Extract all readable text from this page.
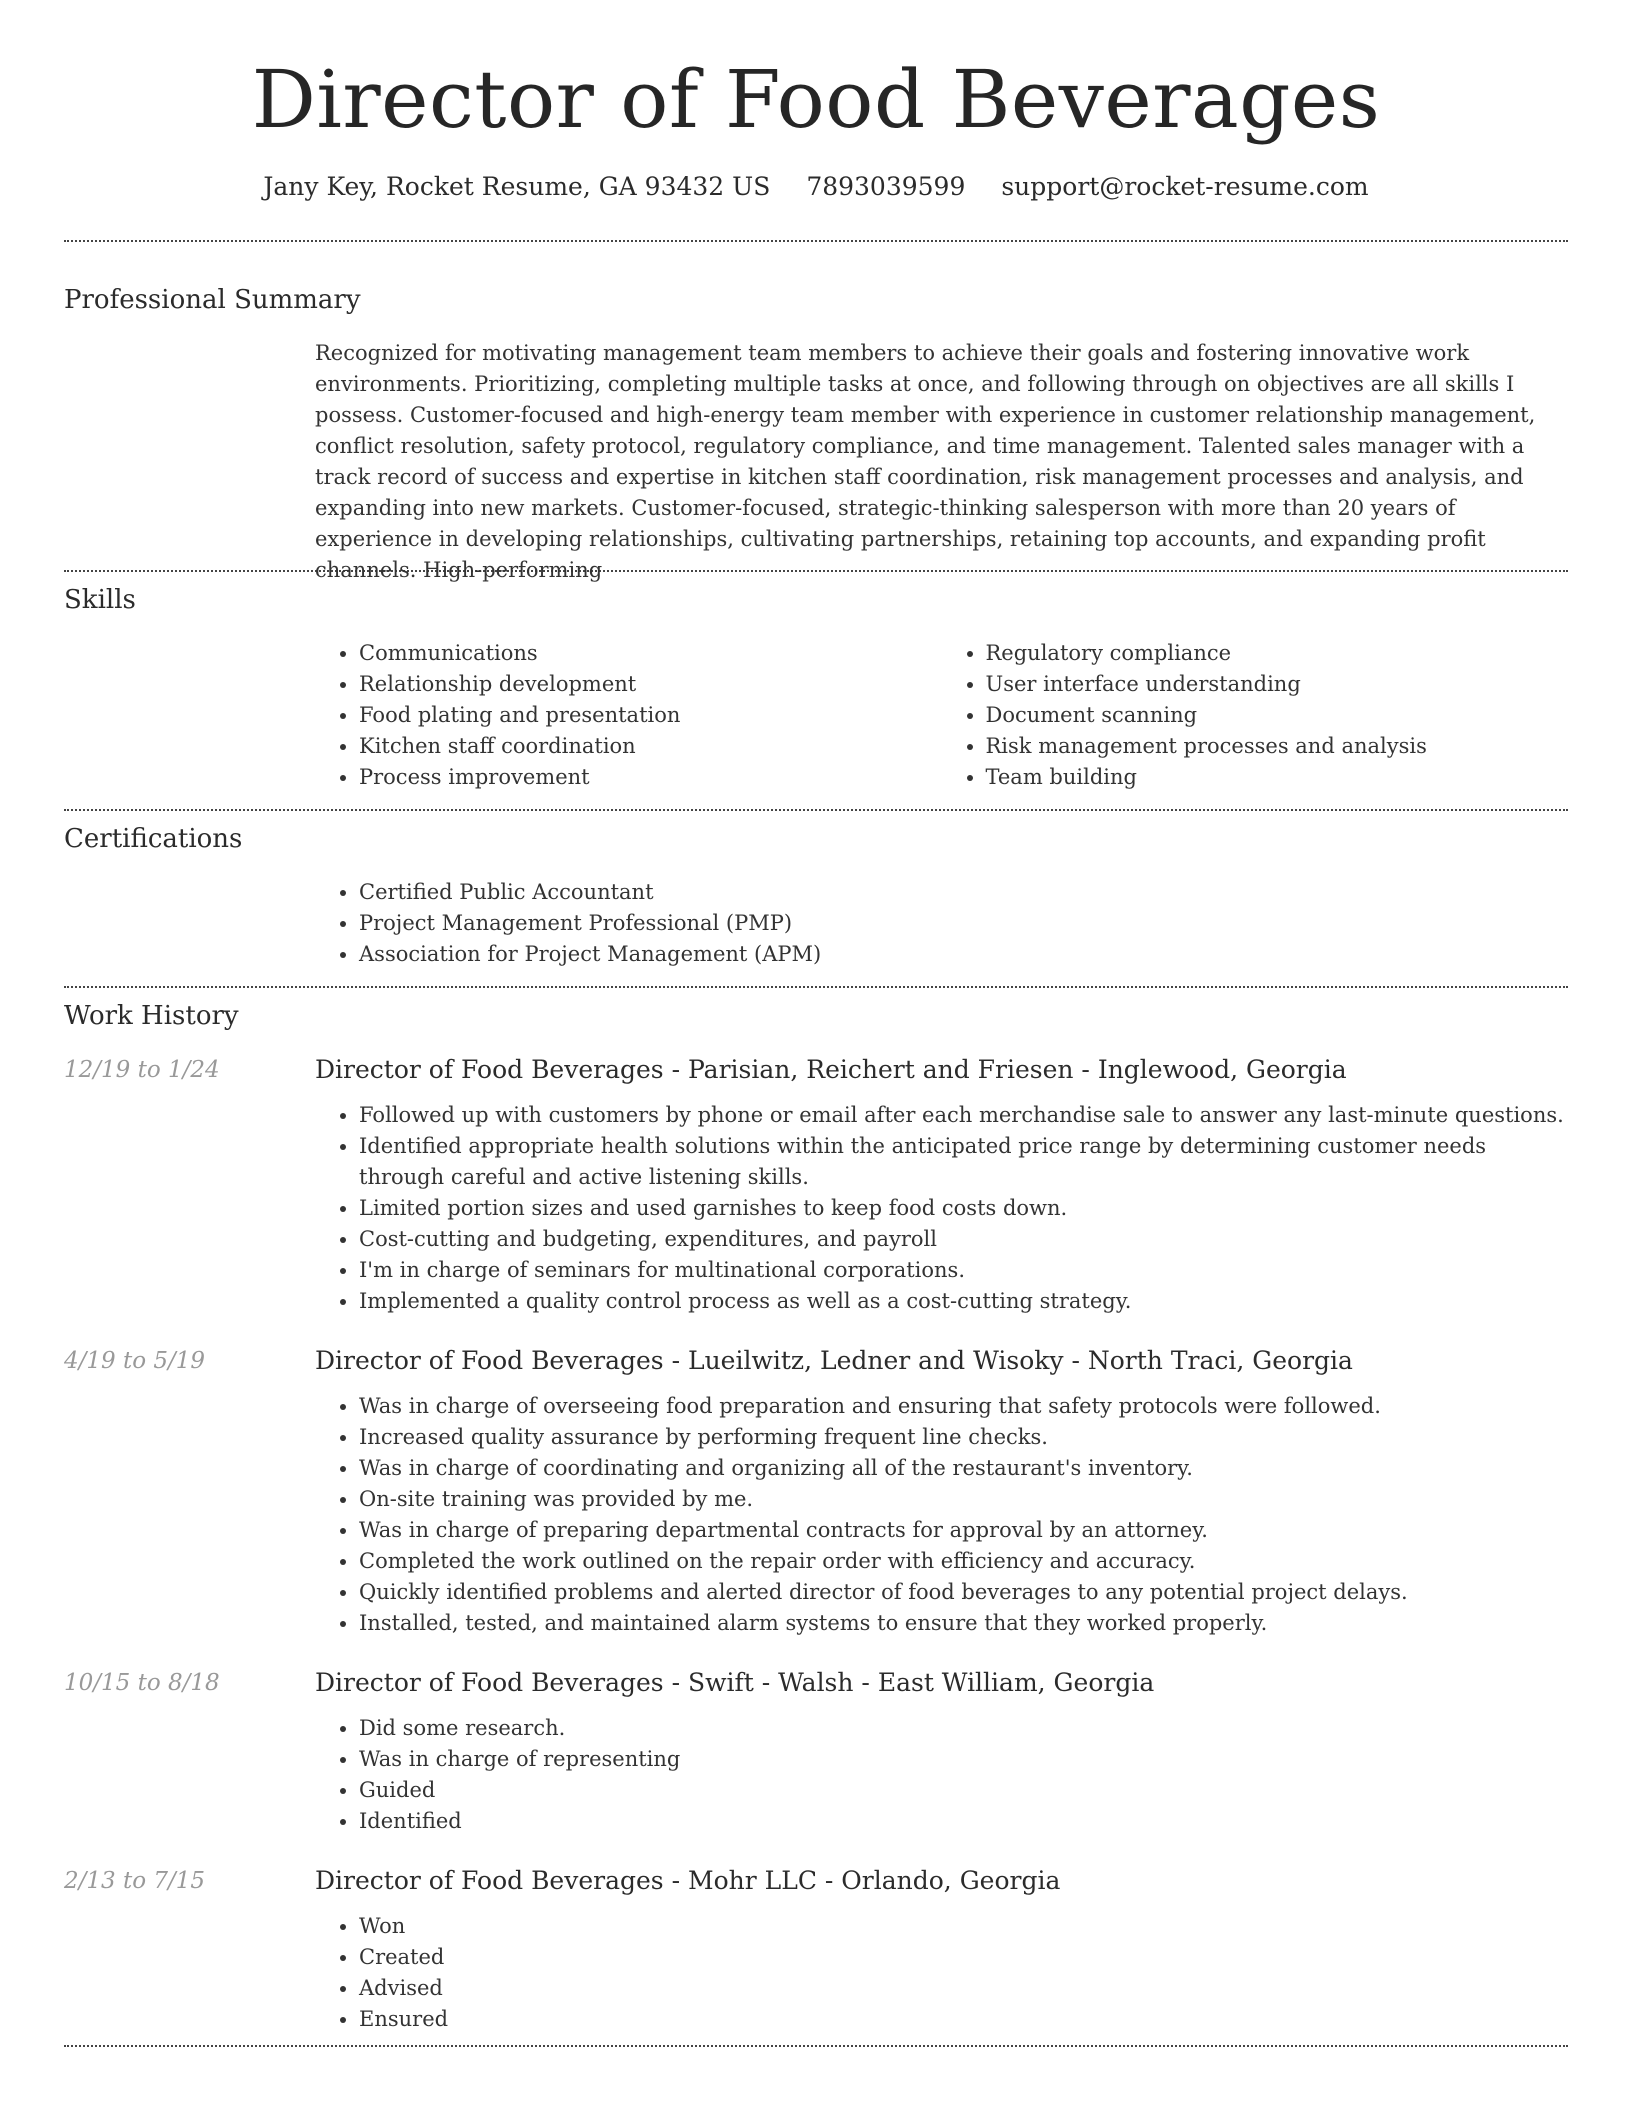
Director of Food Beverages
Jany Key, Rocket Resume, GA 93432 US 7893039599 support@rocket-resume.com
Professional Summary

Recognized for motivating management team members to achieve their goals and fostering innovative work environments. Prioritizing, completing multiple tasks at once, and following through on objectives are all skills I possess. Customer-focused and high-energy team member with experience in customer relationship management, conflict resolution, safety protocol, regulatory compliance, and time management. Talented sales manager with a track record of success and expertise in kitchen staff coordination, risk management processes and analysis, and expanding into new markets. Customer-focused, strategic-thinking salesperson with more than 20 years of experience in developing relationships, cultivating partnerships, retaining top accounts, and expanding profit channels. High-performing

Skills
• Communications
• Relationship development
• Food plating and presentation
• Kitchen staff coordination
• Process improvement
• Regulatory compliance
• User interface understanding
• Document scanning
• Risk management processes and analysis
• Team building
Certifications
• Certified Public Accountant
• Project Management Professional (PMP)
• Association for Project Management (APM)
Work History
12/19 to 1/24	Director of Food Beverages - Parisian, Reichert and Friesen - Inglewood, Georgia
• Followed up with customers by phone or email after each merchandise sale to answer any last-minute questions.
• Identified appropriate health solutions within the anticipated price range by determining customer needs through careful and active listening skills.
• Limited portion sizes and used garnishes to keep food costs down.
• Cost-cutting and budgeting, expenditures, and payroll
• I'm in charge of seminars for multinational corporations.
• Implemented a quality control process as well as a cost-cutting strategy.
4/19 to 5/19	Director of Food Beverages - Lueilwitz, Ledner and Wisoky - North Traci, Georgia
• Was in charge of overseeing food preparation and ensuring that safety protocols were followed.
• Increased quality assurance by performing frequent line checks.
• Was in charge of coordinating and organizing all of the restaurant's inventory.
• On-site training was provided by me.
• Was in charge of preparing departmental contracts for approval by an attorney.
• Completed the work outlined on the repair order with efficiency and accuracy.
• Quickly identified problems and alerted director of food beverages to any potential project delays.
• Installed, tested, and maintained alarm systems to ensure that they worked properly.
10/15 to 8/18	Director of Food Beverages - Swift - Walsh - East William, Georgia
• Did some research.
• Was in charge of representing
• Guided
• Identified
2/13 to 7/15	Director of Food Beverages - Mohr LLC - Orlando, Georgia
• Won
• Created
• Advised
• Ensured
